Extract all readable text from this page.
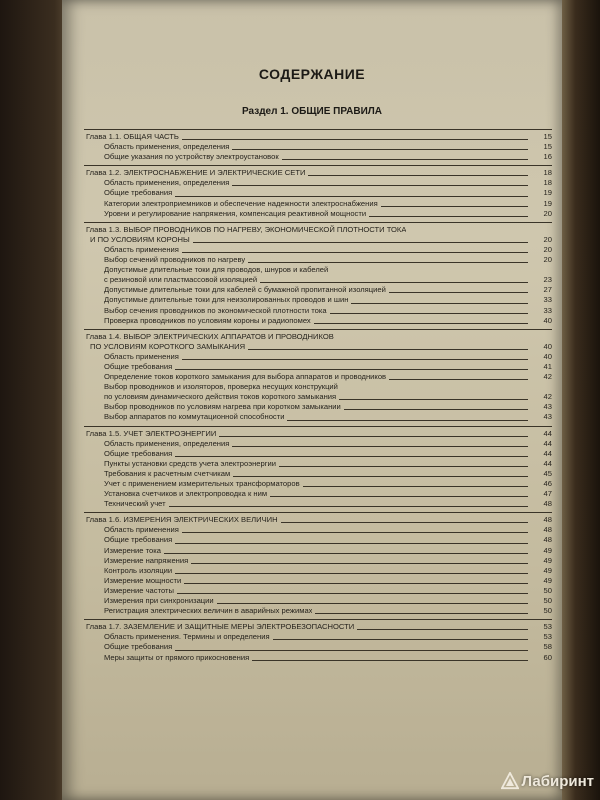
СОДЕРЖАНИЕ
Раздел 1. ОБЩИЕ ПРАВИЛА
Глава 1.1. ОБЩАЯ ЧАСТЬ	15
Область применения, определения	15
Общие указания по устройству электроустановок	16
Глава 1.2. ЭЛЕКТРОСНАБЖЕНИЕ И ЭЛЕКТРИЧЕСКИЕ СЕТИ	18
Область применения, определения	18
Общие требования	19
Категории электроприемников и обеспечение надежности электроснабжения	19
Уровни и регулирование напряжения, компенсация реактивной мощности	20
Глава 1.3. ВЫБОР ПРОВОДНИКОВ ПО НАГРЕВУ, ЭКОНОМИЧЕСКОЙ ПЛОТНОСТИ ТОКА
И ПО УСЛОВИЯМ КОРОНЫ	20
Область применения	20
Выбор сечений проводников по нагреву	20
Допустимые длительные токи для проводов, шнуров и кабелей
с резиновой или пластмассовой изоляцией	23
Допустимые длительные токи для кабелей с бумажной пропитанной изоляцией	27
Допустимые длительные токи для неизолированных проводов и шин	33
Выбор сечения проводников по экономической плотности тока	33
Проверка проводников по условиям короны и радиопомех	40
Глава 1.4. ВЫБОР ЭЛЕКТРИЧЕСКИХ АППАРАТОВ И ПРОВОДНИКОВ
ПО УСЛОВИЯМ КОРОТКОГО ЗАМЫКАНИЯ	40
Область применения	40
Общие требования	41
Определение токов короткого замыкания для выбора аппаратов и проводников	42
Выбор проводников и изоляторов, проверка несущих конструкций
по условиям динамического действия токов короткого замыкания	42
Выбор проводников по условиям нагрева при коротком замыкании	43
Выбор аппаратов по коммутационной способности	43
Глава 1.5. УЧЕТ ЭЛЕКТРОЭНЕРГИИ	44
Область применения, определения	44
Общие требования	44
Пункты установки средств учета электроэнергии	44
Требования к расчетным счетчикам	45
Учет с применением измерительных трансформаторов	46
Установка счетчиков и электропроводка к ним	47
Технический учет	48
Глава 1.6. ИЗМЕРЕНИЯ ЭЛЕКТРИЧЕСКИХ ВЕЛИЧИН	48
Область применения	48
Общие требования	48
Измерение тока	49
Измерение напряжения	49
Контроль изоляции	49
Измерение мощности	49
Измерение частоты	50
Измерения при синхронизации	50
Регистрация электрических величин в аварийных режимах	50
Глава 1.7. ЗАЗЕМЛЕНИЕ И ЗАЩИТНЫЕ МЕРЫ ЭЛЕКТРОБЕЗОПАСНОСТИ	53
Область применения. Термины и определения	53
Общие требования	58
Меры защиты от прямого прикосновения	60
Лабиринт
